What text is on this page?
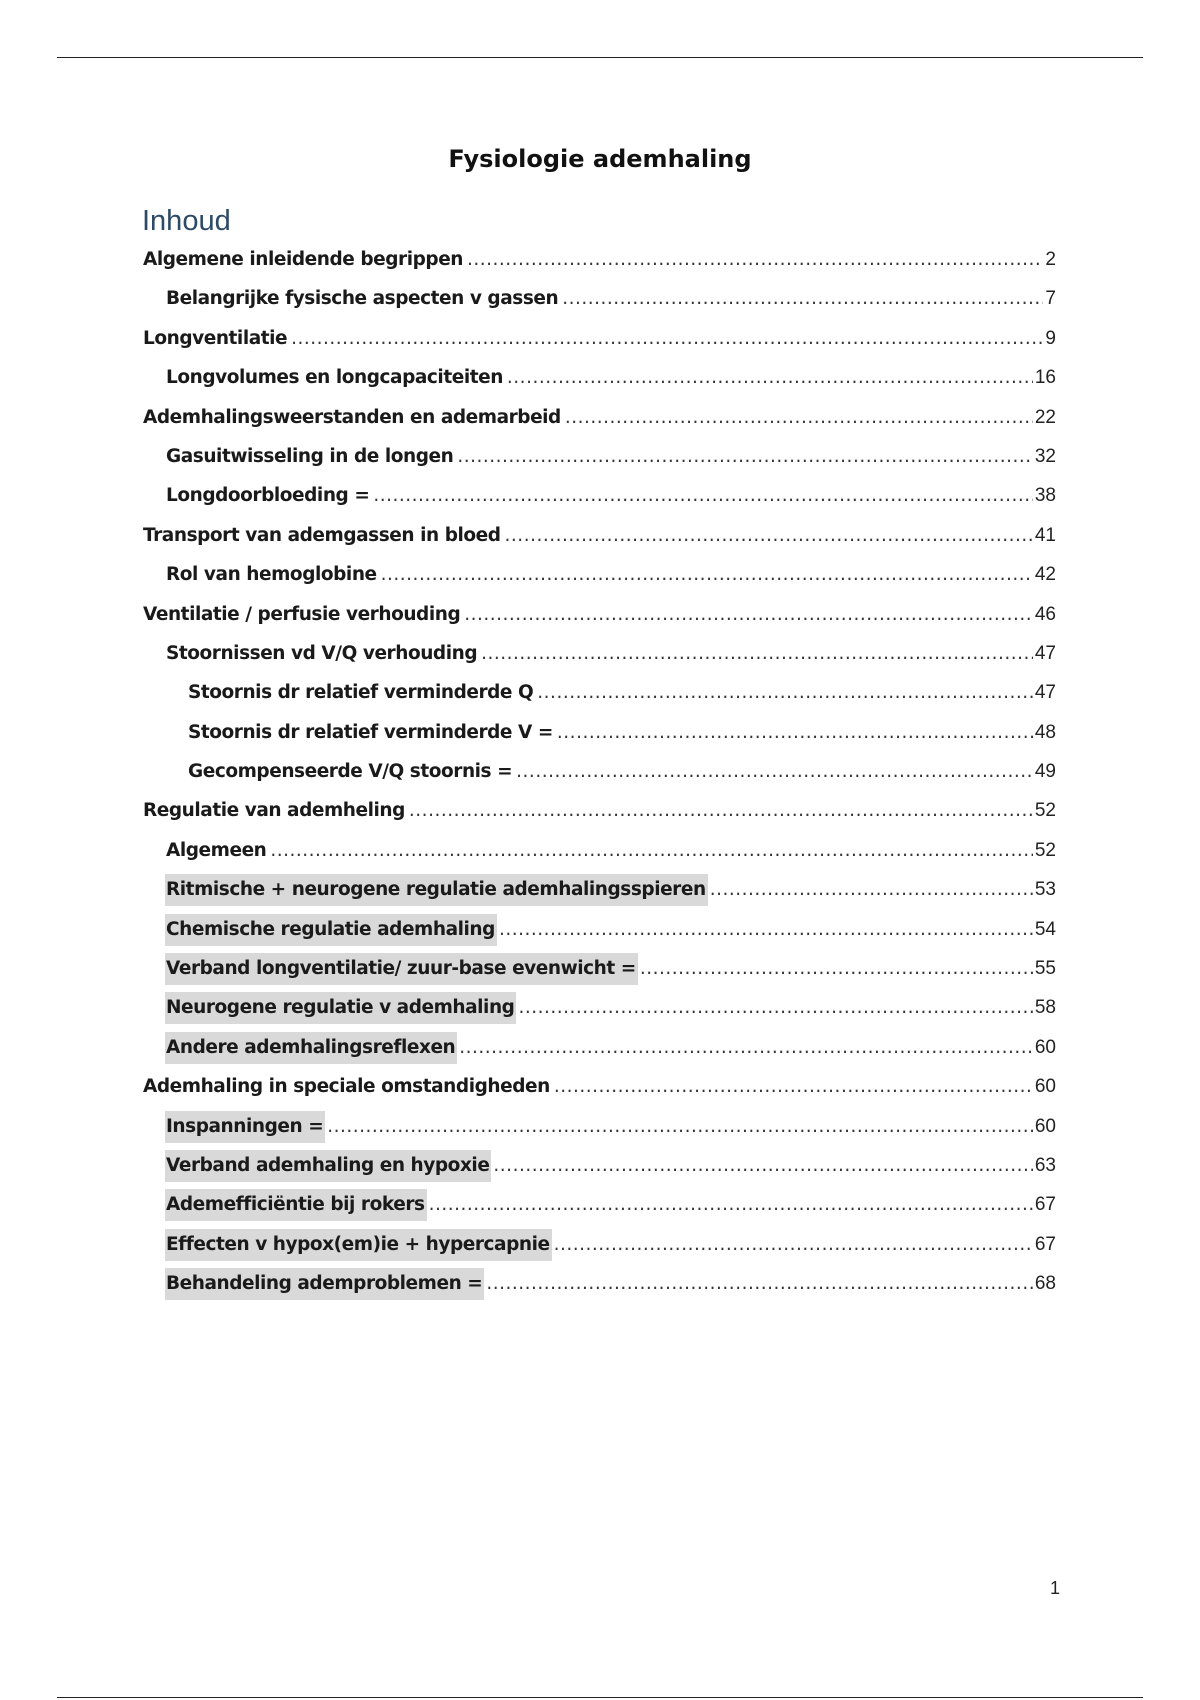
Fysiologie ademhaling
Inhoud
Algemene inleidende begrippen .....	2
Belangrijke fysische aspecten v gassen .....	7
Longventilatie .....	9
Longvolumes en longcapaciteiten .....	16
Ademhalingsweerstanden en ademarbeid .....	22
Gasuitwisseling in de longen .....	32
Longdoorbloeding = .....	38
Transport van ademgassen in bloed .....	41
Rol van hemoglobine .....	42
Ventilatie / perfusie verhouding .....	46
Stoornissen vd V/Q verhouding .....	47
Stoornis dr relatief verminderde Q .....	47
Stoornis dr relatief verminderde V = .....	48
Gecompenseerde V/Q stoornis = .....	49
Regulatie van ademheling .....	52
Algemeen .....	52
Ritmische + neurogene regulatie ademhalingsspieren .....	53
Chemische regulatie ademhaling .....	54
Verband longventilatie/ zuur-base evenwicht = .....	55
Neurogene regulatie v ademhaling .....	58
Andere ademhalingsreflexen .....	60
Ademhaling in speciale omstandigheden .....	60
Inspanningen = .....	60
Verband ademhaling en hypoxie .....	63
Ademefficiëntie bij rokers .....	67
Effecten v hypox(em)ie + hypercapnie .....	67
Behandeling ademproblemen = .....	68
1
